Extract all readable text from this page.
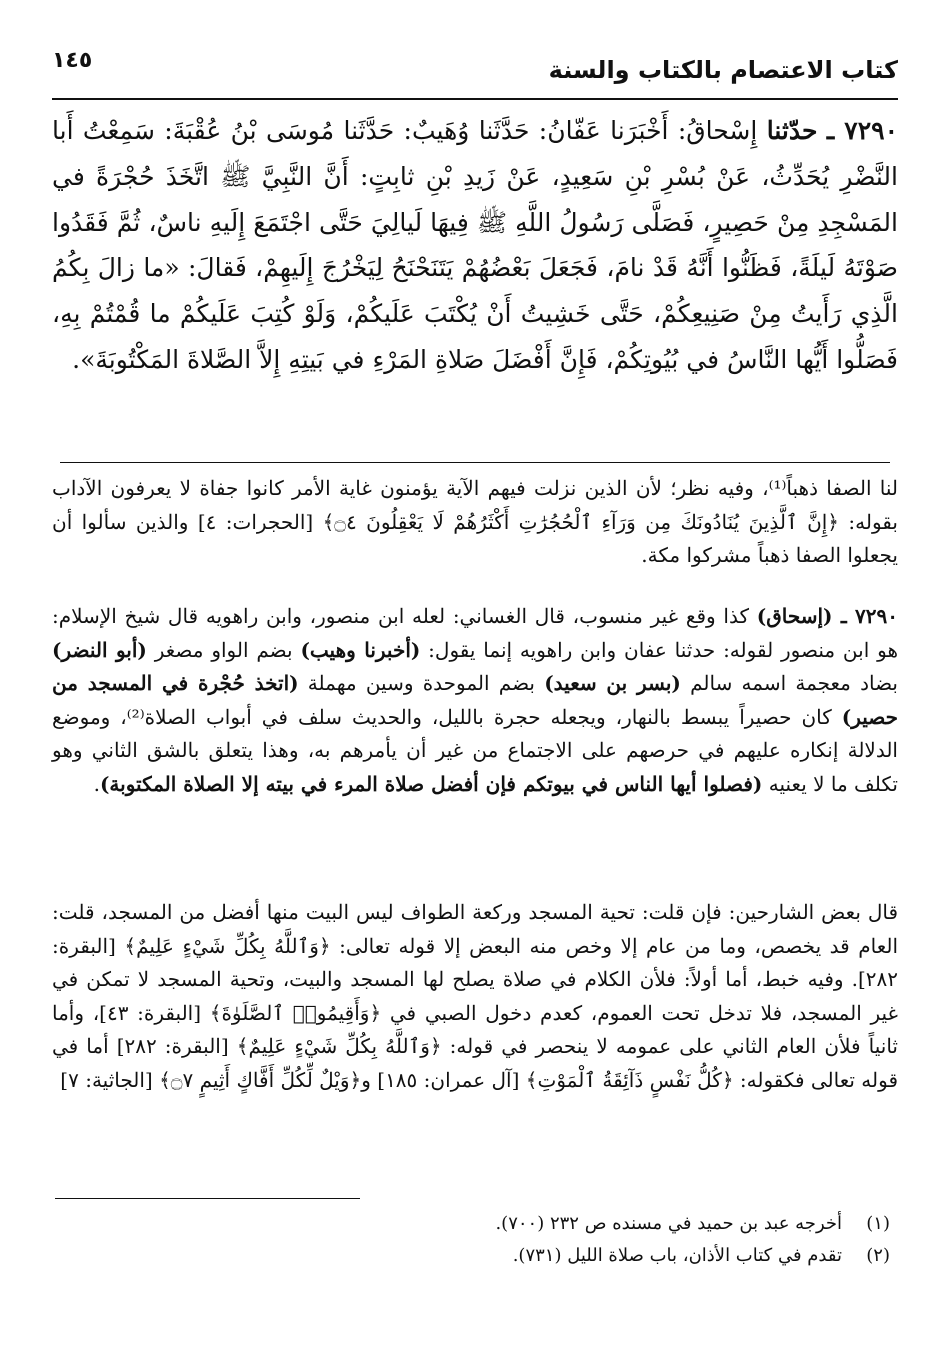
كتاب الاعتصام بالكتاب والسنة
١٤٥
٧٢٩٠ ـ حدّثنا إِسْحاقُ: أَخْبَرَنا عَفّانُ: حَدَّثَنا وُهَيبٌ: حَدَّثَنا مُوسَى بْنُ عُقْبَةَ: سَمِعْتُ أَبا النَّضْرِ يُحَدِّثُ، عَنْ بُسْرِ بْنِ سَعِيدٍ، عَنْ زَيدِ بْنِ ثابِتٍ: أَنَّ النَّبِيَّ ﷺ اتَّخَذَ حُجْرَةً في المَسْجِدِ مِنْ حَصِيرٍ، فَصَلَّى رَسُولُ اللَّهِ ﷺ فِيهَا لَيالِيَ حَتَّى اجْتَمَعَ إِلَيهِ ناسٌ، ثُمَّ فَقَدُوا صَوْتَهُ لَيلَةً، فَظَنُّوا أَنَّهُ قَدْ نامَ، فَجَعَلَ بَعْضُهُمْ يَتَنَحْنَحُ لِيَخْرُجَ إِلَيهِمْ، فَقالَ: «ما زالَ بِكُمُ الَّذِي رَأَيتُ مِنْ صَنِيعِكُمْ، حَتَّى خَشِيتُ أَنْ يُكْتَبَ عَلَيكُمْ، وَلَوْ كُتِبَ عَلَيكُمْ ما قُمْتُمْ بِهِ، فَصَلُّوا أَيُّها النَّاسُ في بُيُوتِكُمْ، فَإِنَّ أَفْضَلَ صَلاةِ المَرْءِ في بَيتِهِ إِلاَّ الصَّلاةَ المَكْتُوبَةَ».
لنا الصفا ذهباً⁽¹⁾، وفيه نظر؛ لأن الذين نزلت فيهم الآية يؤمنون غاية الأمر كانوا جفاة لا يعرفون الآداب بقوله: ﴿إِنَّ ٱلَّذِينَ يُنَادُونَكَ مِن وَرَآءِ ٱلْحُجُرَٰتِ أَكْثَرُهُمْ لَا يَعْقِلُونَ ۝٤﴾ [الحجرات: ٤] والذين سألوا أن يجعلوا الصفا ذهباً مشركوا مكة.
٧٢٩٠ ـ (إسحاق) كذا وقع غير منسوب، قال الغساني: لعله ابن منصور، وابن راهويه قال شيخ الإسلام: هو ابن منصور لقوله: حدثنا عفان وابن راهويه إنما يقول: (أخبرنا وهيب) بضم الواو مصغر (أبو النضر) بضاد معجمة اسمه سالم (بسر بن سعيد) بضم الموحدة وسين مهملة (اتخذ حُجْرة في المسجد من حصير) كان حصيراً يبسط بالنهار، ويجعله حجرة بالليل، والحديث سلف في أبواب الصلاة⁽²⁾، وموضع الدلالة إنكاره عليهم في حرصهم على الاجتماع من غير أن يأمرهم به، وهذا يتعلق بالشق الثاني وهو تكلف ما لا يعنيه (فصلوا أيها الناس في بيوتكم فإن أفضل صلاة المرء في بيته إلا الصلاة المكتوبة).
قال بعض الشارحين: فإن قلت: تحية المسجد وركعة الطواف ليس البيت منها أفضل من المسجد، قلت: العام قد يخصص، وما من عام إلا وخص منه البعض إلا قوله تعالى: ﴿وَٱللَّهُ بِكُلِّ شَيْءٍ عَلِيمٌ﴾ [البقرة: ٢٨٢]. وفيه خبط، أما أولاً: فلأن الكلام في صلاة يصلح لها المسجد والبيت، وتحية المسجد لا تمكن في غير المسجد، فلا تدخل تحت العموم، كعدم دخول الصبي في ﴿وَأَقِيمُوا۟ ٱلصَّلَوٰةَ﴾ [البقرة: ٤٣]، وأما ثانياً فلأن العام الثاني على عمومه لا ينحصر في قوله: ﴿وَٱللَّهُ بِكُلِّ شَيْءٍ عَلِيمٌ﴾ [البقرة: ٢٨٢] أما في قوله تعالى فكقوله: ﴿كُلُّ نَفْسٍ ذَآئِقَةُ ٱلْمَوْتِ﴾ [آل عمران: ١٨٥] و﴿وَيْلٌ لِّكُلِّ أَفَّاكٍ أَثِيمٍ ۝٧﴾ [الجاثية: ٧]
(١)أخرجه عبد بن حميد في مسنده ص ٢٣٢ (٧٠٠).
(٢)تقدم في كتاب الأذان، باب صلاة الليل (٧٣١).
